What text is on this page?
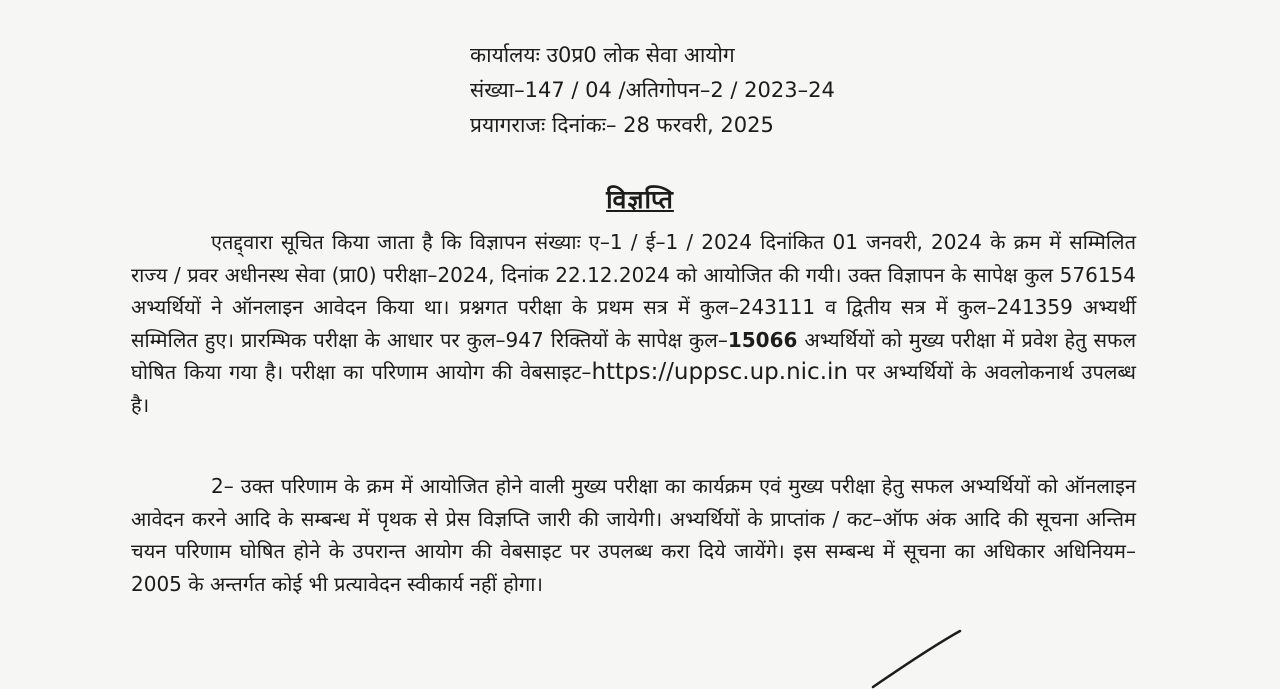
कार्यालयः उ0प्र0 लोक सेवा आयोग
संख्या–147 / 04 /अतिगोपन–2 / 2023–24
प्रयागराजः दिनांकः– 28 फरवरी, 2025
विज्ञप्ति

एतद्द्वारा सूचित किया जाता है कि विज्ञापन संख्याः ए–1 / ई–1 / 2024 दिनांकित 01 जनवरी, 2024 के क्रम में सम्मिलित राज्य / प्रवर अधीनस्थ सेवा (प्रा0) परीक्षा–2024, दिनांक 22.12.2024 को आयोजित की गयी। उक्त विज्ञापन के सापेक्ष कुल 576154 अभ्यर्थियों ने ऑनलाइन आवेदन किया था। प्रश्नगत परीक्षा के प्रथम सत्र में कुल–243111 व द्वितीय सत्र में कुल–241359 अभ्यर्थी सम्मिलित हुए। प्रारम्भिक परीक्षा के आधार पर कुल–947 रिक्तियों के सापेक्ष कुल–15066 अभ्यर्थियों को मुख्य परीक्षा में प्रवेश हेतु सफल घोषित किया गया है। परीक्षा का परिणाम आयोग की वेबसाइट–https://uppsc.up.nic.in पर अभ्यर्थियों के अवलोकनार्थ उपलब्ध है।

2– उक्त परिणाम के क्रम में आयोजित होने वाली मुख्य परीक्षा का कार्यक्रम एवं मुख्य परीक्षा हेतु सफल अभ्यर्थियों को ऑनलाइन आवेदन करने आदि के सम्बन्ध में पृथक से प्रेस विज्ञप्ति जारी की जायेगी। अभ्यर्थियों के प्राप्तांक / कट–ऑफ अंक आदि की सूचना अन्तिम चयन परिणाम घोषित होने के उपरान्त आयोग की वेबसाइट पर उपलब्ध करा दिये जायेंगे। इस सम्बन्ध में सूचना का अधिकार अधिनियम–2005 के अन्तर्गत कोई भी प्रत्यावेदन स्वीकार्य नहीं होगा।
